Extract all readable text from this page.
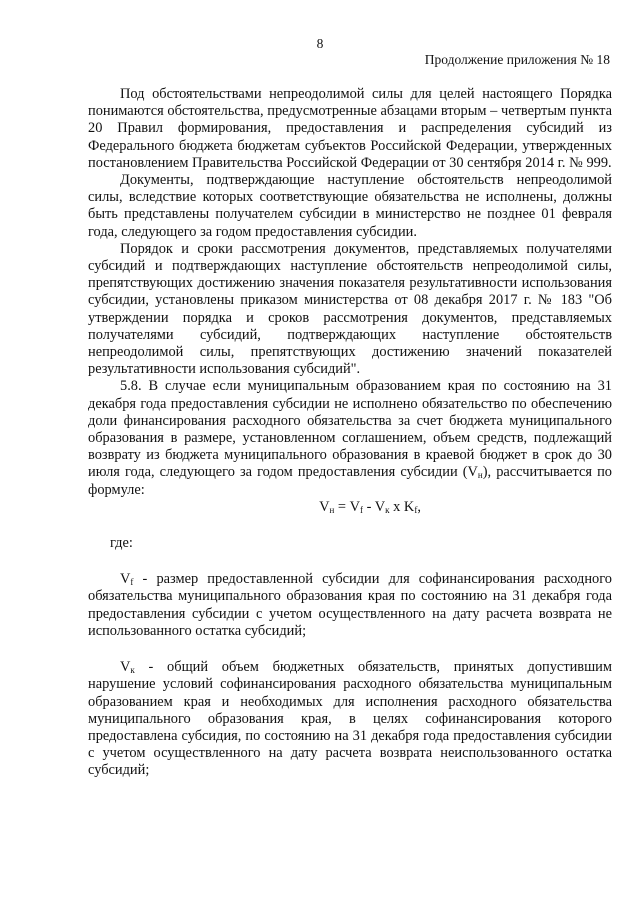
8
Продолжение приложения № 18

Под обстоятельствами непреодолимой силы для целей настоящего Порядка понимаются обстоятельства, предусмотренные абзацами вторым – четвертым пункта 20 Правил формирования, предоставления и распределения субсидий из Федерального бюджета бюджетам субъектов Российской Федерации, утвержденных постановлением Правительства Российской Федерации от 30 сентября 2014 г. № 999.

Документы, подтверждающие наступление обстоятельств непреодолимой силы, вследствие которых соответствующие обязательства не исполнены, должны быть представлены получателем субсидии в министерство не позднее 01 февраля года, следующего за годом предоставления субсидии.

Порядок и сроки рассмотрения документов, представляемых получателями субсидий и подтверждающих наступление обстоятельств непреодолимой силы, препятствующих достижению значения показателя результативности использования субсидии, установлены приказом министерства от 08 декабря 2017 г. № 183 "Об утверждении порядка и сроков рассмотрения документов, представляемых получателями субсидий, подтверждающих наступление обстоятельств непреодолимой силы, препятствующих достижению значений показателей результативности использования субсидий".

5.8. В случае если муниципальным образованием края по состоянию на 31 декабря года предоставления субсидии не исполнено обязательство по обеспечению доли финансирования расходного обязательства за счет бюджета муниципального образования в размере, установленном соглашением, объем средств, подлежащий возврату из бюджета муниципального образования в краевой бюджет в срок до 30 июля года, следующего за годом предоставления субсидии $(V_н)$, рассчитывается по формуле:

$V_н = V_f - V_к$ x $K_f$,

где:

$V_f$ - размер предоставленной субсидии для софинансирования расходного обязательства муниципального образования края по состоянию на 31 декабря года предоставления субсидии с учетом осуществленного на дату расчета возврата не использованного остатка субсидий;

$V_к$ - общий объем бюджетных обязательств, принятых допустившим нарушение условий софинансирования расходного обязательства муниципальным образованием края и необходимых для исполнения расходного обязательства муниципального образования края, в целях софинансирования которого предоставлена субсидия, по состоянию на 31 декабря года предоставления субсидии с учетом осуществленного на дату расчета возврата неиспользованного остатка субсидий;
